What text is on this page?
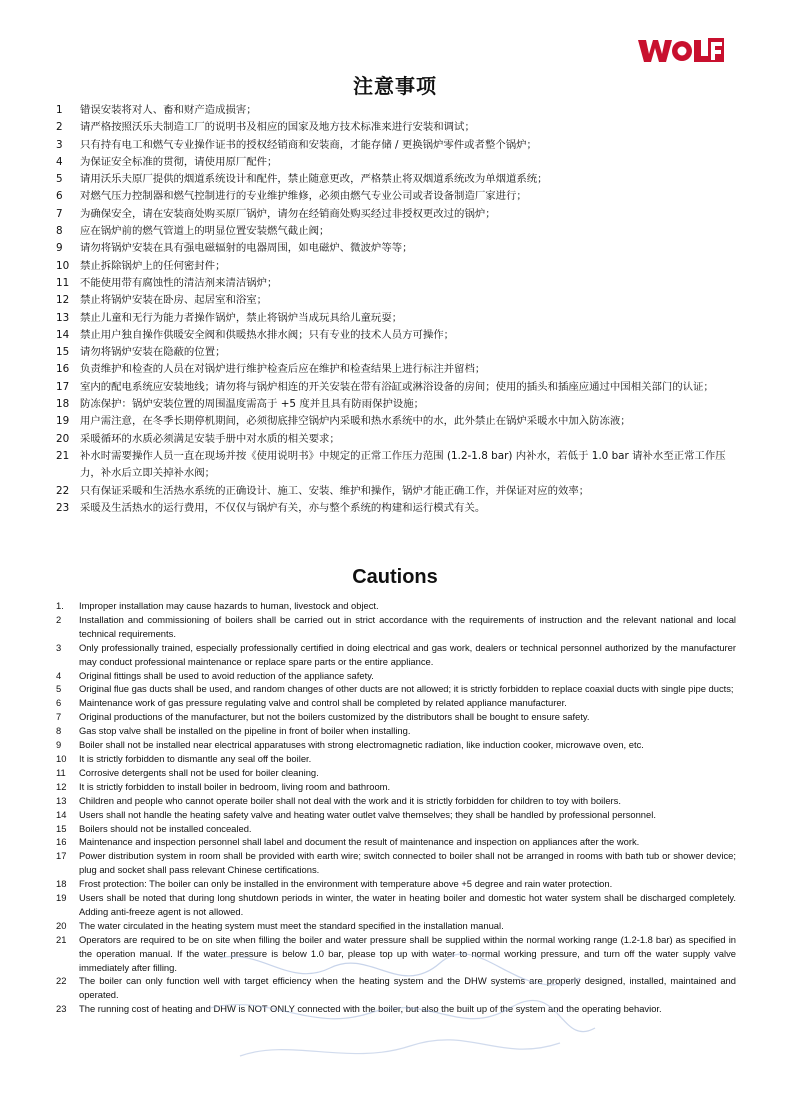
注意事项
1 错误安装将对人、畜和财产造成损害；
2 请严格按照沃乐夫制造工厂的说明书及相应的国家及地方技术标准来进行安装和调试；
3 只有持有电工和燃气专业操作证书的授权经销商和安装商，才能存储 / 更换锅炉零件或者整个锅炉；
4 为保证安全标准的贯彻，请使用原厂配件；
5 请用沃乐夫原厂提供的烟道系统设计和配件，禁止随意更改，严格禁止将双烟道系统改为单烟道系统；
6 对燃气压力控制器和燃气控制进行的专业维护维修，必须由燃气专业公司或者设备制造厂家进行；
7 为确保安全，请在安装商处购买原厂锅炉，请勿在经销商处购买经过非授权更改过的锅炉；
8 应在锅炉前的燃气管道上的明显位置安装燃气截止阀；
9 请勿将锅炉安装在具有强电磁辐射的电器周围，如电磁炉、微波炉等等；
10 禁止拆除锅炉上的任何密封件；
11 不能使用带有腐蚀性的清洁剂来清洁锅炉；
12 禁止将锅炉安装在卧房、起居室和浴室；
13 禁止儿童和无行为能力者操作锅炉，禁止将锅炉当成玩具给儿童玩耍；
14 禁止用户独自操作供暖安全阀和供暖热水排水阀；只有专业的技术人员方可操作；
15 请勿将锅炉安装在隐蔽的位置；
16 负责维护和检查的人员在对锅炉进行维护检查后应在维护和检查结果上进行标注并留档；
17 室内的配电系统应安装地线；请勿将与锅炉相连的开关安装在带有浴缸或淋浴设备的房间；使用的插头和插座应通过中国相关部门的认证；
18 防冻保护：锅炉安装位置的周围温度需高于 +5 度并且具有防雨保护设施；
19 用户需注意，在冬季长期停机期间，必须彻底排空锅炉内采暖和热水系统中的水，此外禁止在锅炉采暖水中加入防冻液；
20 采暖循环的水质必须满足安装手册中对水质的相关要求；
21 补水时需要操作人员一直在现场并按《使用说明书》中规定的正常工作压力范围 (1.2-1.8 bar) 内补水，若低于 1.0 bar 请补水至正常工作压力，补水后立即关掉补水阀；
22 只有保证采暖和生活热水系统的正确设计、施工、安装、维护和操作，锅炉才能正确工作，并保证对应的效率；
23 采暖及生活热水的运行费用，不仅仅与锅炉有关，亦与整个系统的构建和运行模式有关。
Cautions
1. Improper installation may cause hazards to human, livestock and object.
2 Installation and commissioning of boilers shall be carried out in strict accordance with the requirements of instruction and the relevant national and local technical requirements.
3 Only professionally trained, especially professionally certified in doing electrical and gas work, dealers or technical personnel authorized by the manufacturer may conduct professional maintenance or replace spare parts or the entire appliance.
4 Original fittings shall be used to avoid reduction of the appliance safety.
5 Original flue gas ducts shall be used, and random changes of other ducts are not allowed; it is strictly forbidden to replace coaxial ducts with single pipe ducts;
6 Maintenance work of gas pressure regulating valve and control shall be completed by related appliance manufacturer.
7 Original productions of the manufacturer, but not the boilers customized by the distributors shall be bought to ensure safety.
8 Gas stop valve shall be installed on the pipeline in front of boiler when installing.
9 Boiler shall not be installed near electrical apparatuses with strong electromagnetic radiation, like induction cooker, microwave oven, etc.
10 It is strictly forbidden to dismantle any seal off the boiler.
11 Corrosive detergents shall not be used for boiler cleaning.
12 It is strictly forbidden to install boiler in bedroom, living room and bathroom.
13 Children and people who cannot operate boiler shall not deal with the work and it is strictly forbidden for children to toy with boilers.
14 Users shall not handle the heating safety valve and heating water outlet valve themselves; they shall be handled by professional personnel.
15 Boilers should not be installed concealed.
16 Maintenance and inspection personnel shall label and document the result of maintenance and inspection on appliances after the work.
17 Power distribution system in room shall be provided with earth wire; switch connected to boiler shall not be arranged in rooms with bath tub or shower device; plug and socket shall pass relevant Chinese certifications.
18 Frost protection: The boiler can only be installed in the environment with temperature above +5 degree and rain water protection.
19 Users shall be noted that during long shutdown periods in winter, the water in heating boiler and domestic hot water system shall be discharged completely. Adding anti-freeze agent is not allowed.
20 The water circulated in the heating system must meet the standard specified in the installation manual.
21 Operators are required to be on site when filling the boiler and water pressure shall be supplied within the normal working range (1.2-1.8 bar) as specified in the operation manual. If the water pressure is below 1.0 bar, please top up with water to normal working pressure, and turn off the water supply valve immediately after filling.
22 The boiler can only function well with target efficiency when the heating system and the DHW systems are properly designed, installed, maintained and operated.
23 The running cost of heating and DHW is NOT ONLY connected with the boiler, but also the built up of the system and the operating behavior.
